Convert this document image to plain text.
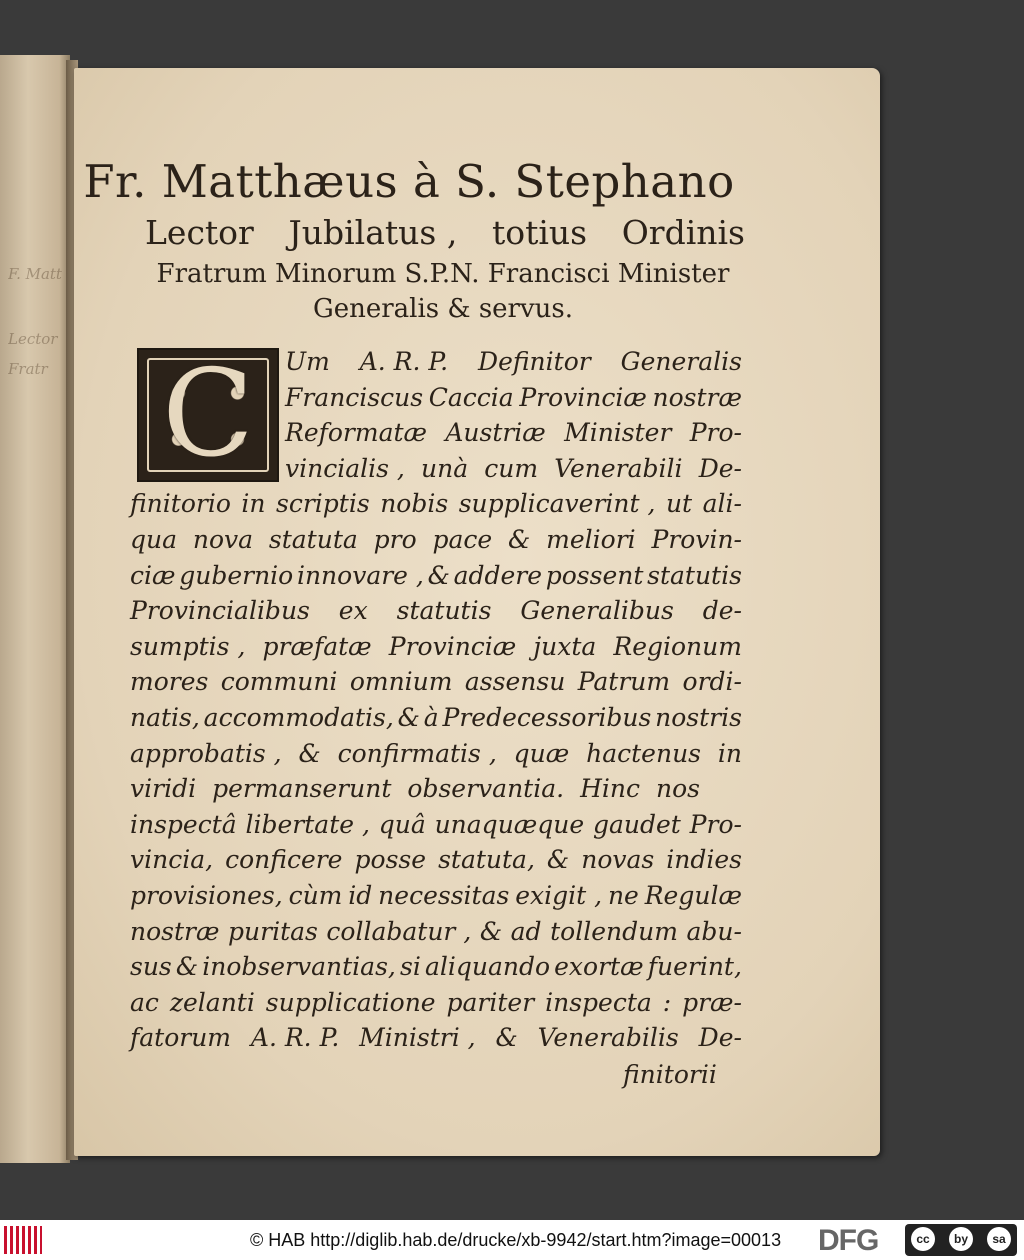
F. Matt
Lector
Fratr
Fr. Matthæus à S. Stephano
Lector Jubilatus , totius Ordinis
Fratrum Minorum S.P.N. Francisci Minister
Generalis & servus.
C	Um A. R. P. Definitor Generalis
Franciscus Caccia Provinciæ nostræ
Reformatæ Austriæ Minister Pro-
vincialis , unà cum Venerabili De-
finitorio in scriptis nobis supplicaverint , ut ali-
qua nova statuta pro pace & meliori Provin-
ciæ gubernio innovare , & addere possent statutis
Provincialibus ex statutis Generalibus de-
sumptis , præfatæ Provinciæ juxta Regionum
mores communi omnium assensu Patrum ordi-
natis, accommodatis, & à Predecessoribus nostris
approbatis , & confirmatis , quæ hactenus in
viridi permanserunt observantia. Hinc nos
inspectâ libertate , quâ unaquæque gaudet Pro-
vincia, conficere posse statuta, & novas indies
provisiones, cùm id necessitas exigit , ne Regulæ
nostræ puritas collabatur , & ad tollendum abu-
sus & inobservantias, si aliquando exortæ fuerint,
ac zelanti supplicatione pariter inspecta : præ-
fatorum A. R. P. Ministri , & Venerabilis De-
finitorii
© HAB http://diglib.hab.de/drucke/xb-9942/start.htm?image=00013 DFG	cc	by	sa
